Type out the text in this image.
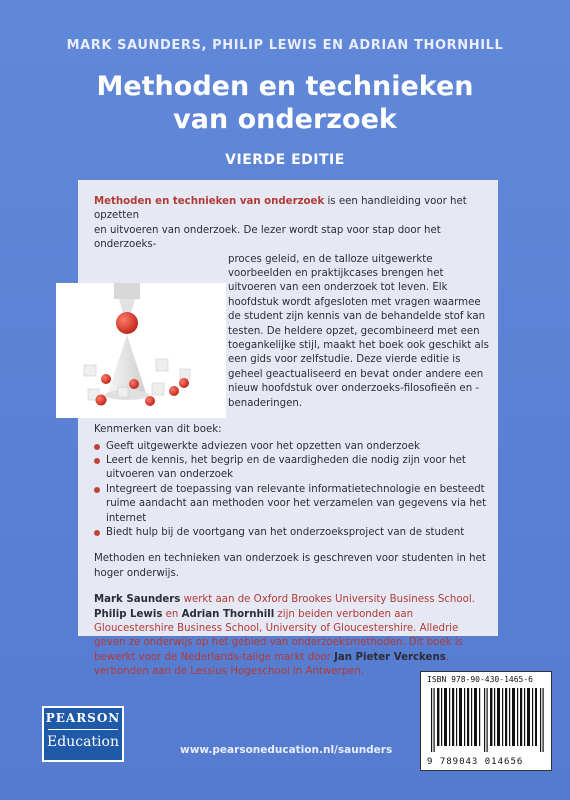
MARK SAUNDERS, PHILIP LEWIS EN ADRIAN THORNHILL
Methoden en technieken
van onderzoek
VIERDE EDITIE
Methoden en technieken van onderzoek is een handleiding voor het opzetten
en uitvoeren van onderzoek. De lezer wordt stap voor stap door het onderzoeks-
proces geleid, en de talloze uitgewerkte voorbeelden en praktijkcases brengen het uitvoeren van een onderzoek tot leven. Elk hoofdstuk wordt afgesloten met vragen waarmee de student zijn kennis van de behandelde stof kan testen. De heldere opzet, gecombineerd met een toegankelijke stijl, maakt het boek ook geschikt als een gids voor zelfstudie. Deze vierde editie is geheel geactualiseerd en bevat onder andere een nieuw hoofdstuk over onderzoeks-filosofieën en -benaderingen.
Kenmerken van dit boek:
Geeft uitgewerkte adviezen voor het opzetten van onderzoek
Leert de kennis, het begrip en de vaardigheden die nodig zijn voor het uitvoeren van onderzoek
Integreert de toepassing van relevante informatietechnologie en besteedt ruime aandacht aan methoden voor het verzamelen van gegevens via het internet
Biedt hulp bij de voortgang van het onderzoeksproject van de student
Methoden en technieken van onderzoek is geschreven voor studenten in het hoger onderwijs.
Mark Saunders werkt aan de Oxford Brookes University Business School.
Philip Lewis en Adrian Thornhill zijn beiden verbonden aan Gloucestershire Business School, University of Gloucestershire. Alledrie geven ze onderwijs op het gebied van onderzoeksmethoden. Dit boek is bewerkt voor de Nederlands-talige markt door Jan Pieter Verckens, verbonden aan de Lessius Hogeschool in Antwerpen.
ISBN 978-90-430-1465-6
9 789043 014656
PEARSON
Education	www.pearsoneducation.nl/saunders
